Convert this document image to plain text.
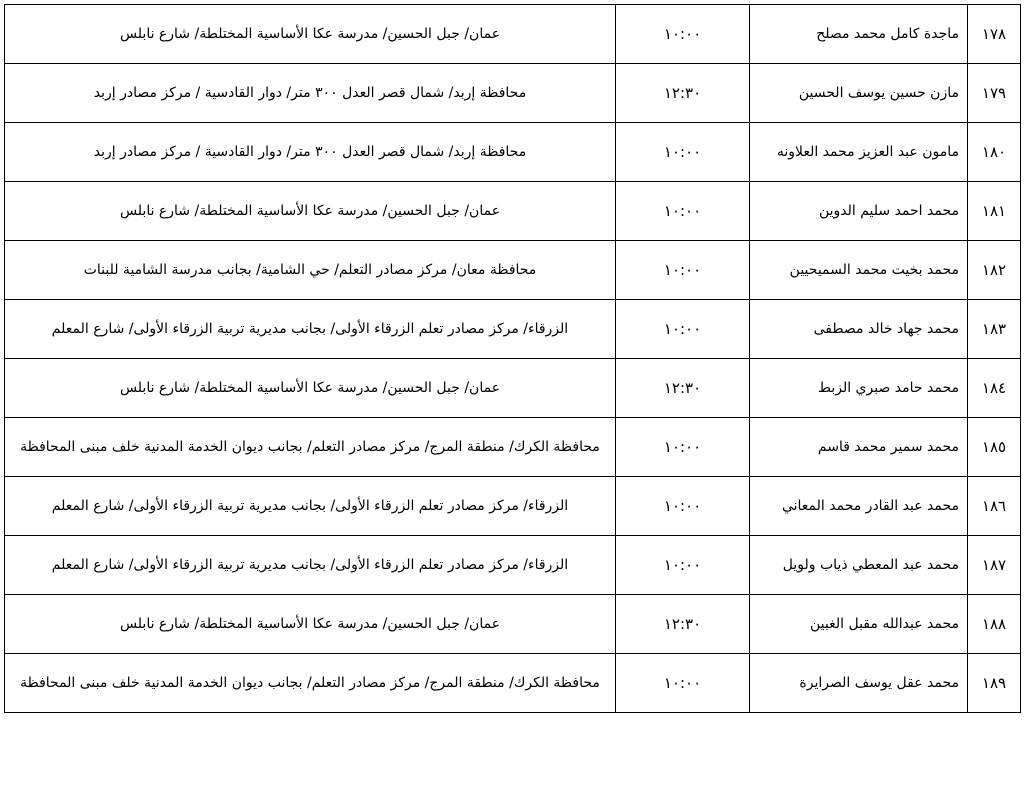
١٧٨	ماجدة كامل محمد مصلح	١٠:٠٠	عمان/ جبل الحسين/ مدرسة عكا الأساسية المختلطة/ شارع نابلس
١٧٩	مازن حسين يوسف الحسين	١٢:٣٠	محافظة إربد/ شمال قصر العدل ٣٠٠ متر/ دوار القادسية / مركز مصادر إربد
١٨٠	مامون عبد العزيز محمد العلاونه	١٠:٠٠	محافظة إربد/ شمال قصر العدل ٣٠٠ متر/ دوار القادسية / مركز مصادر إربد
١٨١	محمد احمد سليم الدوين	١٠:٠٠	عمان/ جبل الحسين/ مدرسة عكا الأساسية المختلطة/ شارع نابلس
١٨٢	محمد بخيت محمد السميحيين	١٠:٠٠	محافظة معان/ مركز مصادر التعلم/ حي الشامية/ بجانب مدرسة الشامية للبنات
١٨٣	محمد جهاد خالد مصطفى	١٠:٠٠	الزرقاء/ مركز مصادر تعلم الزرقاء الأولى/ بجانب مديرية تربية الزرقاء الأولى/ شارع المعلم
١٨٤	محمد حامد صبري الزبط	١٢:٣٠	عمان/ جبل الحسين/ مدرسة عكا الأساسية المختلطة/ شارع نابلس
١٨٥	محمد سمير محمد قاسم	١٠:٠٠	محافظة الكرك/ منطقة المرج/ مركز مصادر التعلم/ بجانب ديوان الخدمة المدنية خلف مبنى المحافظة
١٨٦	محمد عبد القادر محمد المعاني	١٠:٠٠	الزرقاء/ مركز مصادر تعلم الزرقاء الأولى/ بجانب مديرية تربية الزرقاء الأولى/ شارع المعلم
١٨٧	محمد عبد المعطي ذياب ولويل	١٠:٠٠	الزرقاء/ مركز مصادر تعلم الزرقاء الأولى/ بجانب مديرية تربية الزرقاء الأولى/ شارع المعلم
١٨٨	محمد عبدالله مقبل الغبين	١٢:٣٠	عمان/ جبل الحسين/ مدرسة عكا الأساسية المختلطة/ شارع نابلس
١٨٩	محمد عقل يوسف الصرايرة	١٠:٠٠	محافظة الكرك/ منطقة المرج/ مركز مصادر التعلم/ بجانب ديوان الخدمة المدنية خلف مبنى المحافظة
